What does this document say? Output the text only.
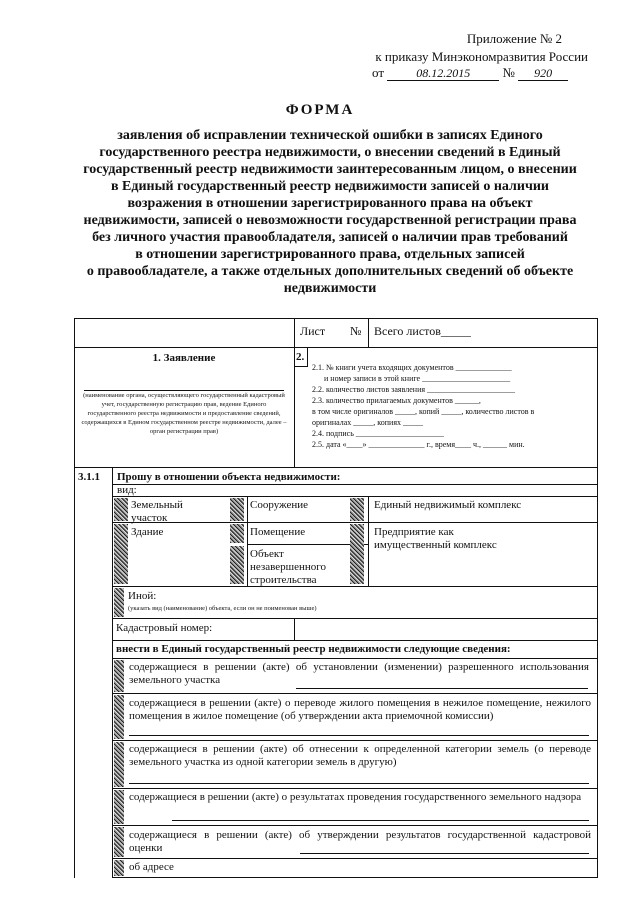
Приложение № 2
к приказу Минэкономразвития России
от	08.12.2015 № 920
ФОРМА
заявления об исправлении технической ошибки в записях Единого
государственного реестра недвижимости, о внесении сведений в Единый
государственный реестр недвижимости заинтересованным лицом, о внесении
в Единый государственный реестр недвижимости записей о наличии
возражения в отношении зарегистрированного права на объект
недвижимости, записей о невозможности государственной регистрации права
без личного участия правообладателя, записей о наличии прав требований
в отношении зарегистрированного права, отдельных записей
о правообладателе, а также отдельных дополнительных сведений об объекте
недвижимости
Лист № Всего листов_____
1. Заявление
(наименование органа, осуществляющего государственный кадастровый
учет, государственную регистрацию прав, ведение Единого
государственного реестра недвижимости и предоставление сведений,
содержащихся в Едином государственном реестре недвижимости, далее –
орган регистрации прав)
2.
2.1. № книги учета входящих документов ______________
и номер записи в этой книге ______________________
2.2. количество листов заявления ______________________
2.3. количество прилагаемых документов ______,
в том числе оригиналов _____, копий _____, количество листов в
оригиналах _____, копиях _____
2.4. подпись ______________________
2.5. дата «____» ______________ г., время____ ч., ______ мин.
3.1.1 Прошу в отношении объекта недвижимости:
вид:
Земельный участок
Сооружение	Единый недвижимый комплекс
Здание	Помещение	Предприятие как имущественный комплекс
Объект незавершенного строительства
Иной:
(указать вид (наименование) объекта, если он не поименован выше)
Кадастровый номер:
внести в Единый государственный реестр недвижимости следующие сведения:
содержащиеся в решении (акте) об установлении (изменении) разрешенного использования земельного участка
содержащиеся в решении (акте) о переводе жилого помещения в нежилое помещение, нежилого помещения в жилое помещение (об утверждении акта приемочной комиссии)
содержащиеся в решении (акте) об отнесении к определенной категории земель (о переводе земельного участка из одной категории земель в другую)
содержащиеся в решении (акте) о результатах проведения государственного земельного надзора
содержащиеся в решении (акте) об утверждении результатов государственной кадастровой оценки
об адресе
